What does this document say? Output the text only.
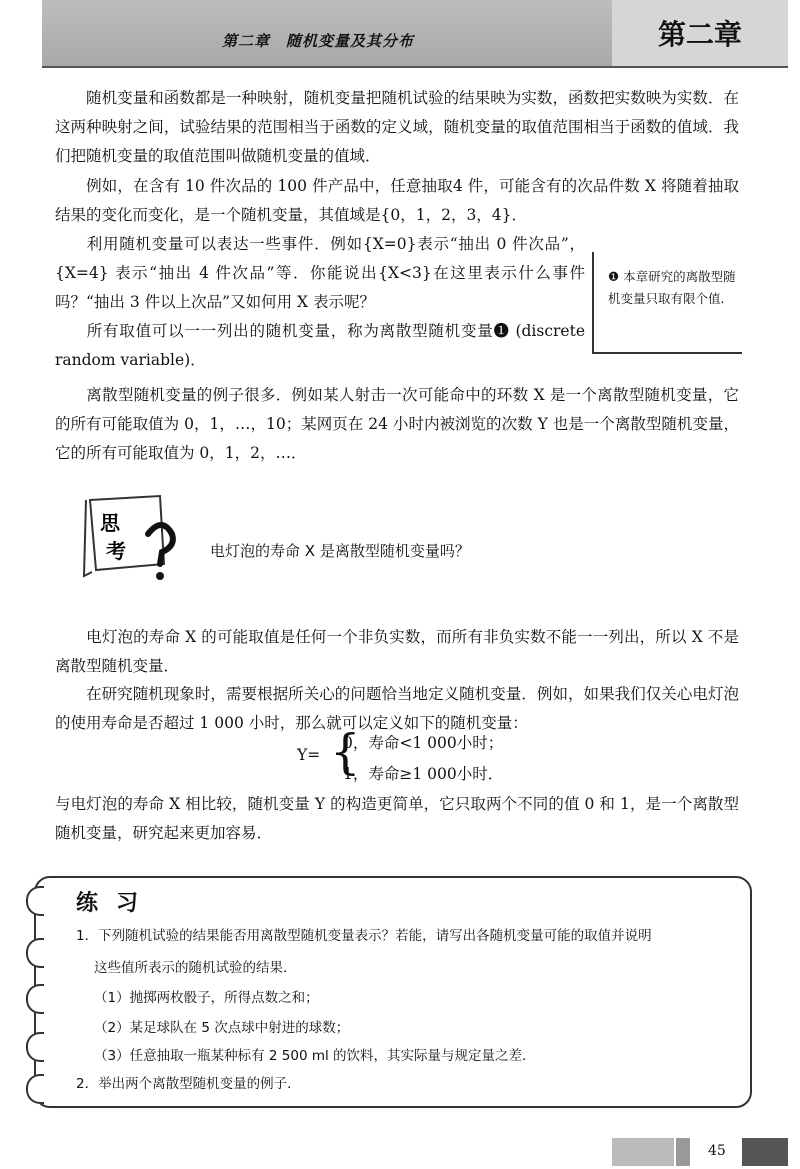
第二章　随机变量及其分布	第二章
随机变量和函数都是一种映射，随机变量把随机试验的结果映为实数，函数把实数映为实数．在这两种映射之间，试验结果的范围相当于函数的定义域，随机变量的取值范围相当于函数的值域．我们把随机变量的取值范围叫做随机变量的值域．
例如，在含有 10 件次品的 100 件产品中，任意抽取4 件，可能含有的次品件数 X 将随着抽取结果的变化而变化，是一个随机变量，其值域是{0，1，2，3，4}．
利用随机变量可以表达一些事件．例如{X=0}表示“抽出 0 件次品”，{X=4} 表示“抽出 4 件次品”等．你能说出{X<3}在这里表示什么事件吗？“抽出 3 件以上次品”又如何用 X 表示呢？
所有取值可以一一列出的随机变量，称为离散型随机变量❶ (discrete random variable)．
离散型随机变量的例子很多．例如某人射击一次可能命中的环数 X 是一个离散型随机变量，它的所有可能取值为 0，1，…，10；某网页在 24 小时内被浏览的次数 Y 也是一个离散型随机变量，它的所有可能取值为 0，1，2，…．
❶ 本章研究的离散型随机变量只取有限个值.
思
考	电灯泡的寿命 X 是离散型随机变量吗？
电灯泡的寿命 X 的可能取值是任何一个非负实数，而所有非负实数不能一一列出，所以 X 不是离散型随机变量．
在研究随机现象时，需要根据所关心的问题恰当地定义随机变量．例如，如果我们仅关心电灯泡的使用寿命是否超过 1 000 小时，那么就可以定义如下的随机变量：
Y= {
0，寿命<1 000小时；
1，寿命≥1 000小时．
与电灯泡的寿命 X 相比较，随机变量 Y 的构造更简单，它只取两个不同的值 0 和 1，是一个离散型随机变量，研究起来更加容易．
练习
1．下列随机试验的结果能否用离散型随机变量表示？若能，请写出各随机变量可能的取值并说明
这些值所表示的随机试验的结果．
（1）抛掷两枚骰子，所得点数之和；
（2）某足球队在 5 次点球中射进的球数；
（3）任意抽取一瓶某种标有 2 500 ml 的饮料，其实际量与规定量之差．
2．举出两个离散型随机变量的例子．
45
